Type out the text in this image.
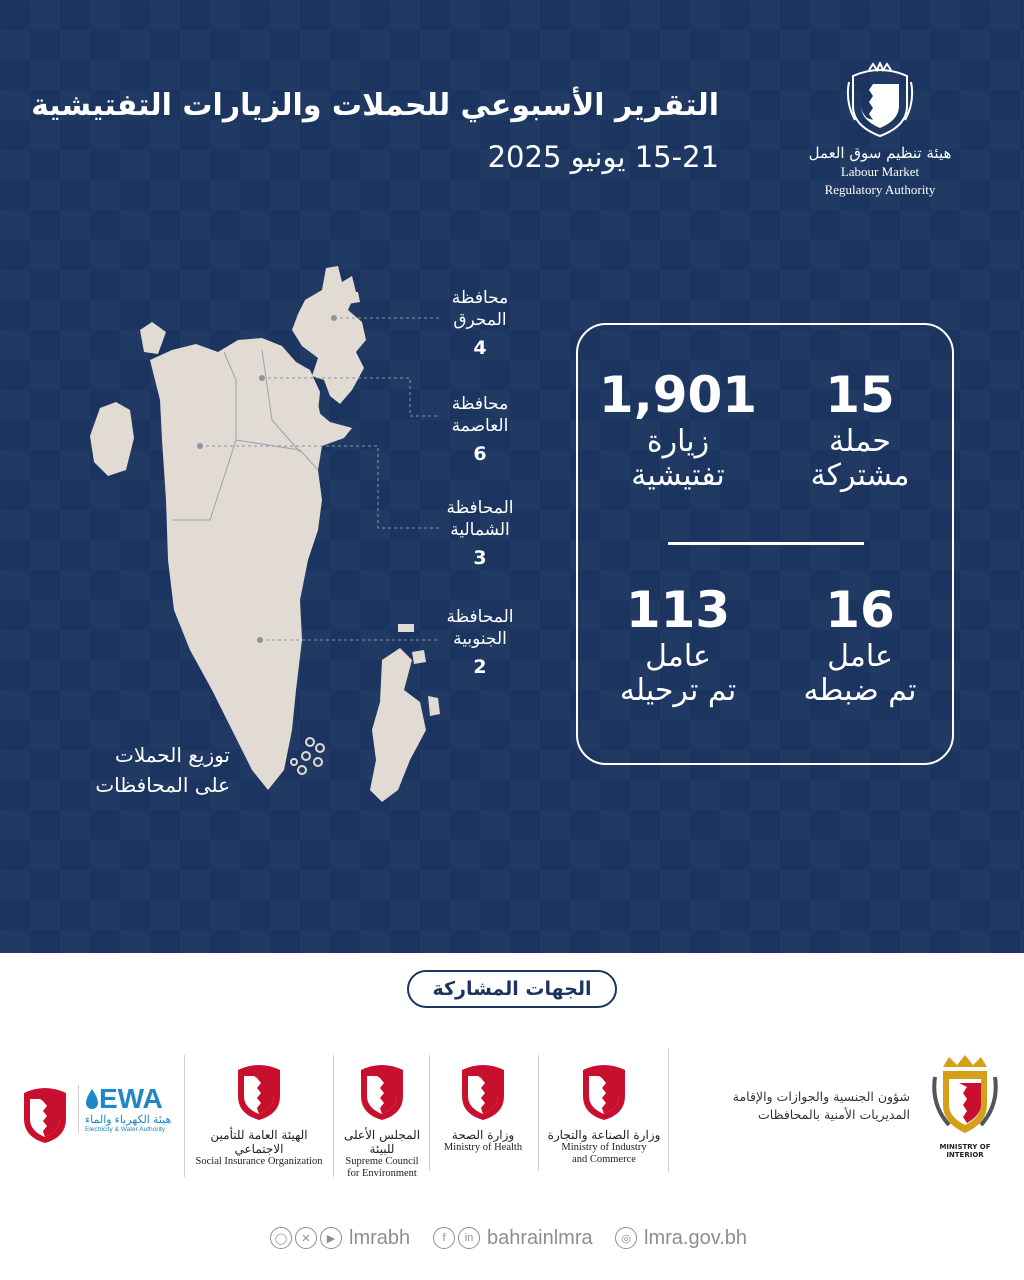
هيئة تنظيم سوق العمل
Labour Market
Regulatory Authority
التقرير الأسبوعي للحملات والزيارات التفتيشية
15-21 يونيو 2025
محافظة
المحرق
4
محافظة
العاصمة
6
المحافظة
الشمالية
3
المحافظة
الجنوبية
2
توزيع الحملات
على المحافظات
15
حملة
مشتركة
1,901
زيارة
تفتيشية
16
عامل
تم ضبطه
113
عامل
تم ترحيله
الجهات المشاركة
MINISTRY OF INTERIOR
شؤون الجنسية والجوازات والإقامة
المديريات الأمنية بالمحافظات
وزارة الصناعة والتجارة
Ministry of Industry
and Commerce
وزارة الصحة
Ministry of Health
المجلس الأعلى للبيئة
Supreme Council
for Environment
الهيئة العامة للتأمين الاجتماعي
Social Insurance Organization
EWA
هيئة الكهرباء والماء
Electricity & Water Authority
◯	✕	▶ lmrabh	f	in bahrainlmra	◎ lmra.gov.bh
